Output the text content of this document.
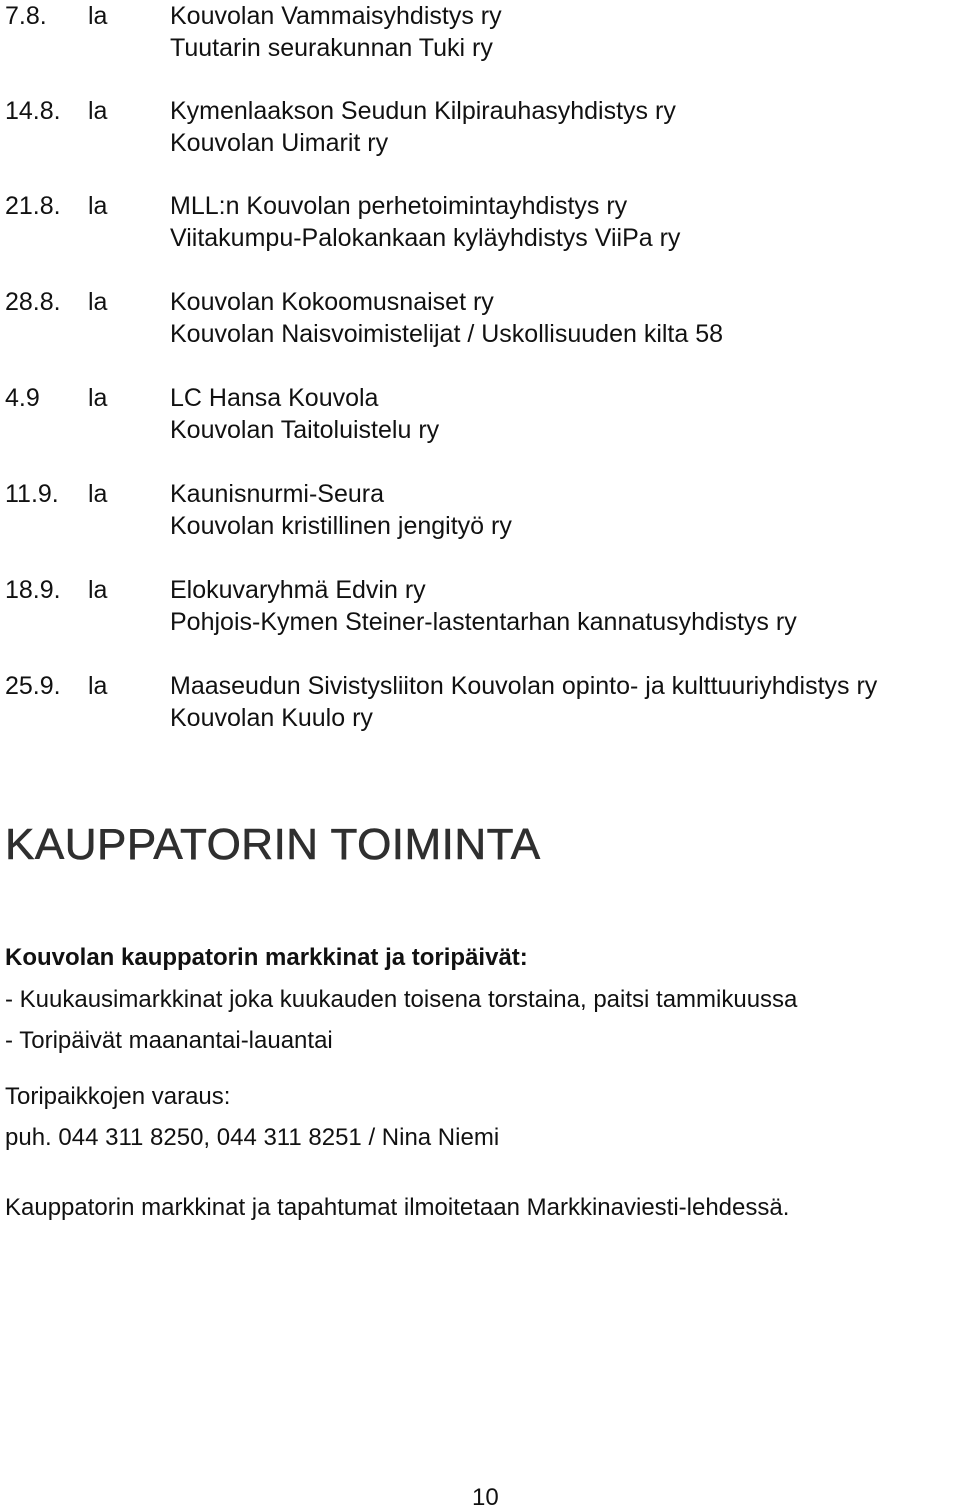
7.8. la	Kouvolan Vammaisyhdistys ry
Tuutarin seurakunnan Tuki ry
14.8. la	Kymenlaakson Seudun Kilpirauhasyhdistys ry
Kouvolan Uimarit ry
21.8. la	MLL:n Kouvolan perhetoimintayhdistys ry
Viitakumpu-Palokankaan kyläyhdistys ViiPa ry
28.8. la	Kouvolan Kokoomusnaiset ry
Kouvolan Naisvoimistelijat / Uskollisuuden kilta 58
4.9 la	LC Hansa Kouvola
Kouvolan Taitoluistelu ry
11.9. la	Kaunisnurmi-Seura
Kouvolan kristillinen jengityö ry
18.9. la	Elokuvaryhmä Edvin ry
Pohjois-Kymen Steiner-lastentarhan kannatusyhdistys ry
25.9. la	Maaseudun Sivistysliiton Kouvolan opinto- ja kulttuuriyhdistys ry
Kouvolan Kuulo ry
KAUPPATORIN TOIMINTA
Kouvolan kauppatorin markkinat ja toripäivät:
- Kuukausimarkkinat joka kuukauden toisena torstaina, paitsi tammikuussa
- Toripäivät maanantai-lauantai
Toripaikkojen varaus:
puh. 044 311 8250, 044 311 8251 / Nina Niemi
Kauppatorin markkinat ja tapahtumat ilmoitetaan Markkinaviesti-lehdessä.
10
